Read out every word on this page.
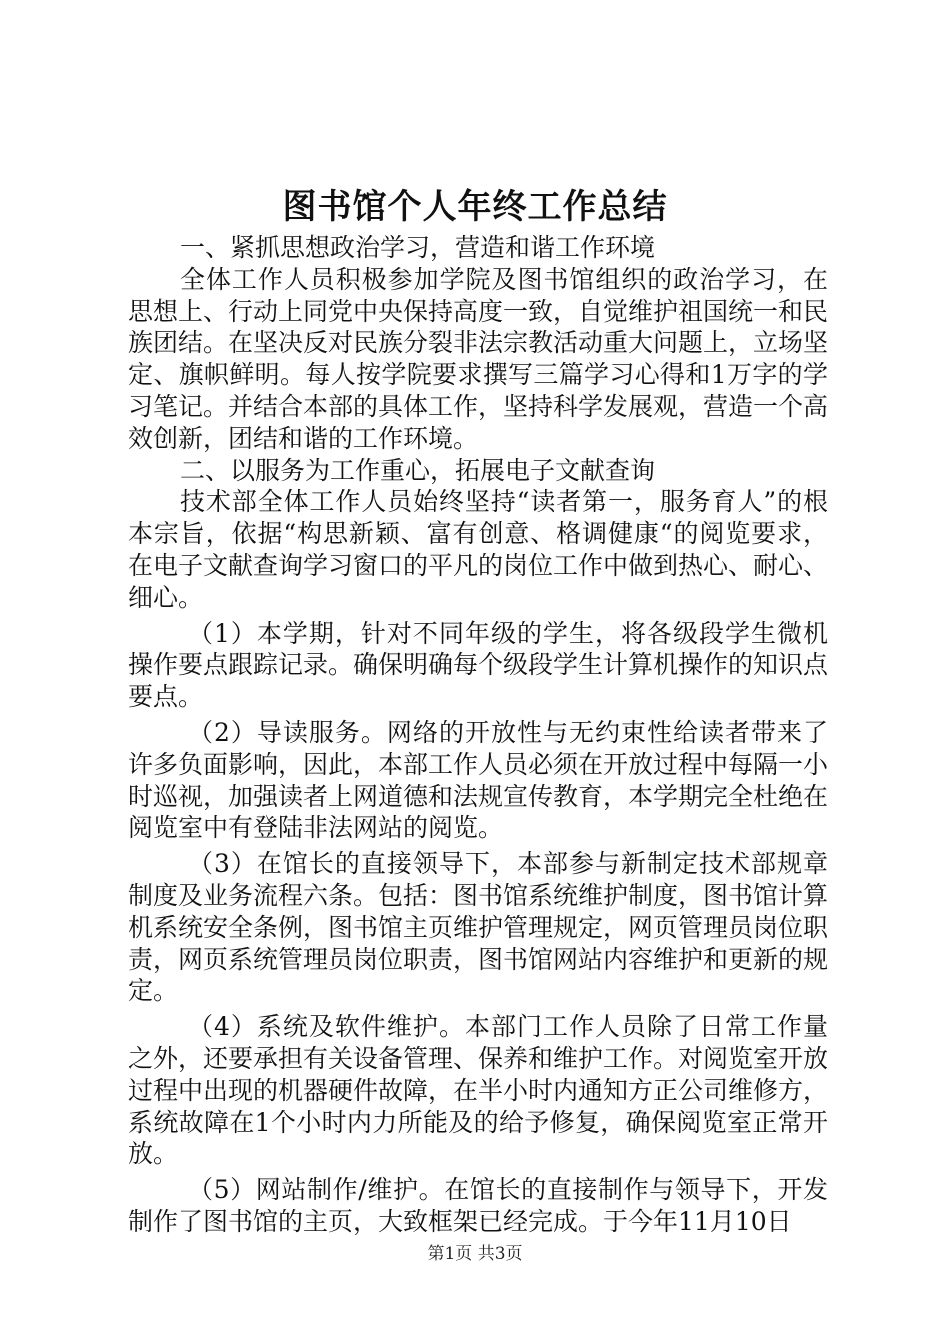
图书馆个人年终工作总结

一、紧抓思想政治学习，营造和谐工作环境

全体工作人员积极参加学院及图书馆组织的政治学习，在思想上、行动上同党中央保持高度一致，自觉维护祖国统一和民族团结。在坚决反对民族分裂非法宗教活动重大问题上，立场坚定、旗帜鲜明。每人按学院要求撰写三篇学习心得和1万字的学习笔记。并结合本部的具体工作，坚持科学发展观，营造一个高效创新，团结和谐的工作环境。

二、以服务为工作重心，拓展电子文献查询

技术部全体工作人员始终坚持“读者第一，服务育人”的根本宗旨，依据“构思新颖、富有创意、格调健康“的阅览要求，在电子文献查询学习窗口的平凡的岗位工作中做到热心、耐心、细心。

（1）本学期，针对不同年级的学生，将各级段学生微机操作要点跟踪记录。确保明确每个级段学生计算机操作的知识点要点。

（2）导读服务。网络的开放性与无约束性给读者带来了许多负面影响，因此，本部工作人员必须在开放过程中每隔一小时巡视，加强读者上网道德和法规宣传教育，本学期完全杜绝在阅览室中有登陆非法网站的阅览。

（3）在馆长的直接领导下，本部参与新制定技术部规章制度及业务流程六条。包括：图书馆系统维护制度，图书馆计算机系统安全条例，图书馆主页维护管理规定，网页管理员岗位职责，网页系统管理员岗位职责，图书馆网站内容维护和更新的规定。

（4）系统及软件维护。本部门工作人员除了日常工作量之外，还要承担有关设备管理、保养和维护工作。对阅览室开放过程中出现的机器硬件故障，在半小时内通知方正公司维修方，系统故障在1个小时内力所能及的给予修复，确保阅览室正常开放。

（5）网站制作/维护。在馆长的直接制作与领导下，开发制作了图书馆的主页，大致框架已经完成。于今年11月10日

第1页 共3页
